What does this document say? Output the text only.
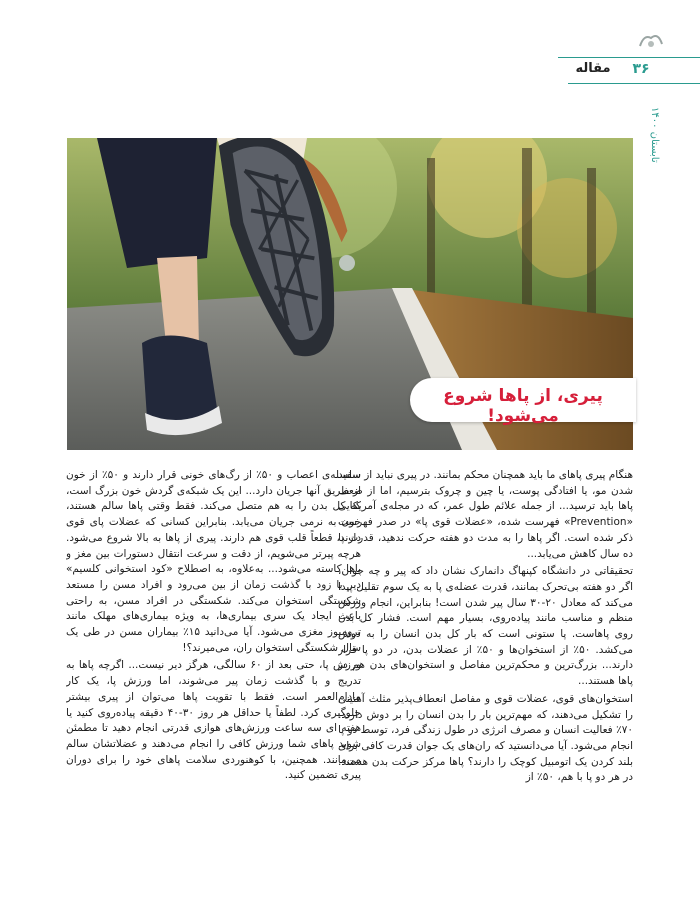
۳۶
مقاله
تابستان ۱۴۰۰
پیری، از پاها شروع می‌شود!

هنگام پیری پاهای ما باید همچنان محکم بمانند. در پیری نباید از سفید شدن مو، یا افتادگی پوست، یا چین و چروک بترسیم، اما از ضعف پاها باید ترسید... از جمله علائم طول عمر، که در مجله‌ی آمریکایی «Prevention» فهرست شده، «عضلات قوی پا» در صدر فهرست ذکر شده است. اگر پاها را به مدت دو هفته حرکت ندهید، قدرت پا ده سال کاهش می‌یابد...

تحقیقاتی در دانشگاه کپنهاگ دانمارک نشان داد که پیر و چه جوان، اگر دو هفته بی‌تحرک بمانند، قدرت عضله‌ی پا به یک سوم تقلیل پیدا می‌کند که معادل ۲۰-۳۰ سال پیر شدن است! بنابراین، انجام ورزش منظم و مناسب مانند پیاده‌روی، بسیار مهم است. فشار کل بدن روی پاهاست. پا ستونی است که بار کل بدن انسان را به دوش می‌کشد. ۵۰٪ از استخوان‌ها و ۵۰٪ از عضلات بدن، در دو پا قرار دارند... بزرگ‌ترین و محکم‌ترین مفاصل و استخوان‌های بدن هم در پاها هستند...

استخوان‌های قوی، عضلات قوی و مفاصل انعطاف‌پذیر مثلث آهنینی را تشکیل می‌دهند، که مهم‌ترین بار را بدن انسان را بر دوش دارند. ۷۰٪ فعالیت انسان و مصرف انرژی در طول زندگی فرد، توسط دو پا انجام می‌شود. آیا می‌دانستید که ران‌های یک جوان قدرت کافی برای بلند کردن یک اتومبیل کوچک را دارند؟ پاها مرکز حرکت بدن هستند. در هر دو پا با هم، ۵۰٪ از

سلسله‌ی اعصاب و ۵۰٪ از رگ‌های خونی قرار دارند و ۵۰٪ از خون از طریق آنها جریان دارد... این یک شبکه‌ی گردش خون بزرگ است، که کل بدن را به هم متصل می‌کند. فقط وقتی پاها سالم هستند، خون به نرمی جریان می‌یابد. بنابراین کسانی که عضلات پای قوی دارند، قطعاً قلب قوی هم دارند. پیری از پاها به بالا شروع می‌شود. هرچه پیرتر می‌شویم، از دقت و سرعت انتقال دستورات بین مغز و پاها کاسته می‌شود... به‌علاوه، به اصطلاح «کود استخوانی کلسیم» دیر یا زود با گذشت زمان از بین می‌رود و افراد مسن را مستعد شکستگی استخوان می‌کند. شکستگی در افراد مسن، به راحتی باعث ایجاد یک سری بیماری‌ها، به ویژه بیماری‌های مهلک مانند ترومبوز مغزی می‌شود. آیا می‌دانید ۱۵٪ بیماران مسن در طی یک سال شکستگی استخوان ران، می‌میرند؟!

ورزش پا، حتی بعد از ۶۰ سالگی، هرگز دیر نیست... اگرچه پاها به تدریج و با گذشت زمان پیر می‌شوند، اما ورزش پا، یک کار مادام‌العمر است. فقط با تقویت پاها می‌توان از پیری بیشتر جلوگیری کرد. لطفاً یا حداقل هر روز ۳۰-۴۰ دقیقه پیاده‌روی کنید یا هفته ای سه ساعت ورزش‌های هوازی قدرتی انجام دهید تا مطمئن شوید پاهای شما ورزش کافی را انجام می‌دهند و عضلاتشان سالم می‌مانند. همچنین، با کوهنوردی سلامت پاهای خود را برای دوران پیری تضمین کنید.
